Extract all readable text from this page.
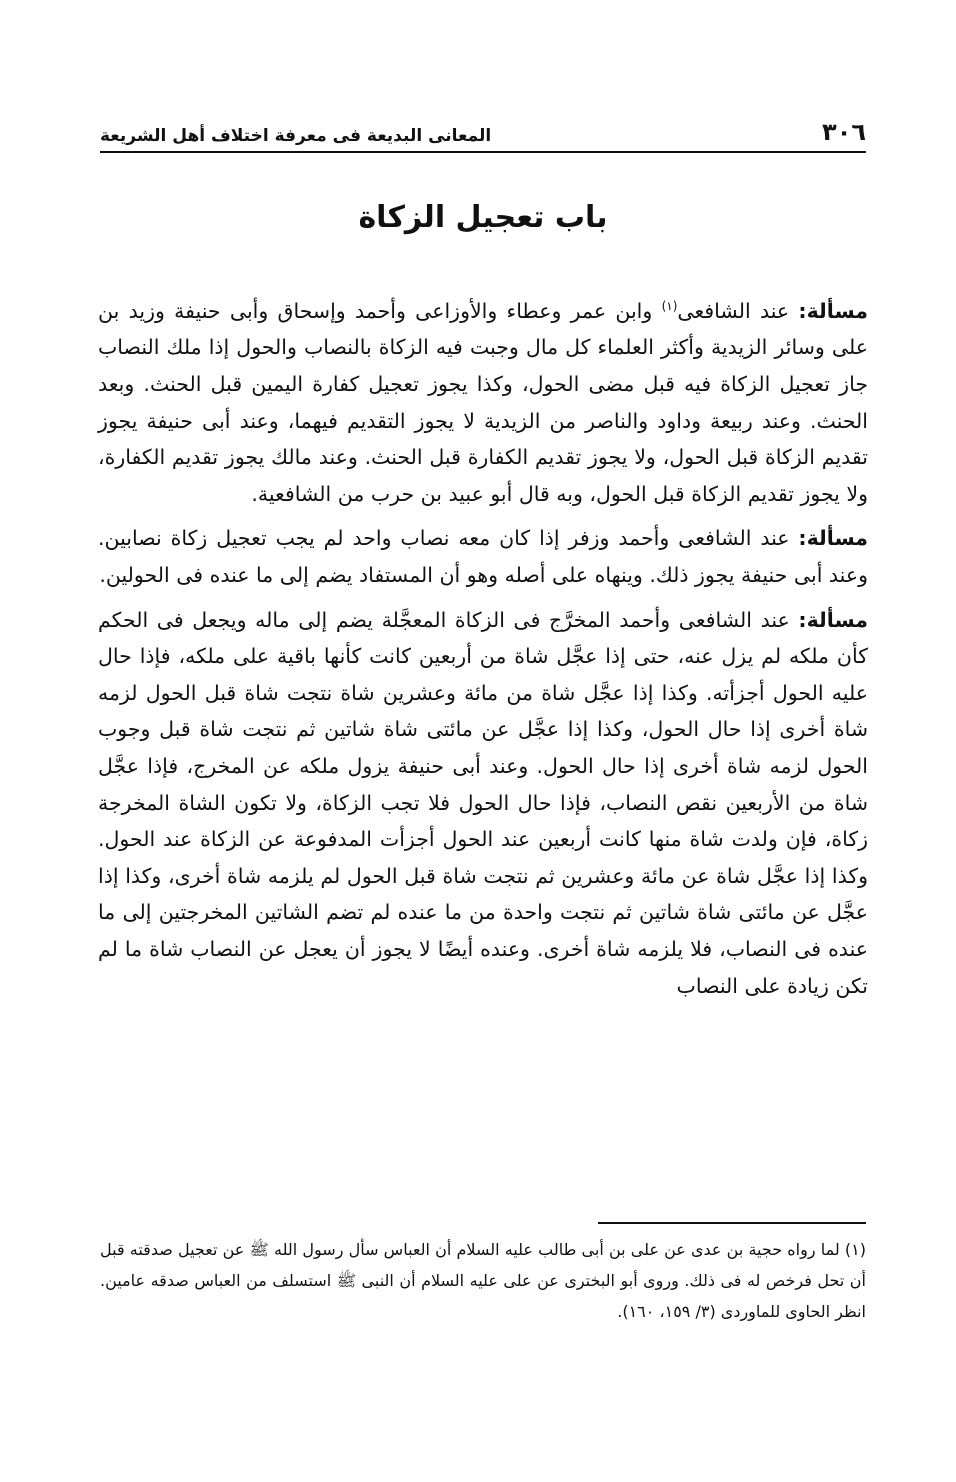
٣٠٦
المعانى البديعة فى معرفة اختلاف أهل الشريعة
باب تعجيل الزكاة

مسألة: عند الشافعى$^{(١)}$ وابن عمر وعطاء والأوزاعى وأحمد وإسحاق وأبى حنيفة وزيد بن على وسائر الزيدية وأكثر العلماء كل مال وجبت فيه الزكاة بالنصاب والحول إذا ملك النصاب جاز تعجيل الزكاة فيه قبل مضى الحول، وكذا يجوز تعجيل كفارة اليمين قبل الحنث. وبعد الحنث. وعند ربيعة وداود والناصر من الزيدية لا يجوز التقديم فيهما، وعند أبى حنيفة يجوز تقديم الزكاة قبل الحول، ولا يجوز تقديم الكفارة قبل الحنث. وعند مالك يجوز تقديم الكفارة، ولا يجوز تقديم الزكاة قبل الحول، وبه قال أبو عبيد بن حرب من الشافعية.

مسألة: عند الشافعى وأحمد وزفر إذا كان معه نصاب واحد لم يجب تعجيل زكاة نصابين. وعند أبى حنيفة يجوز ذلك. وينهاه على أصله وهو أن المستفاد يضم إلى ما عنده فى الحولين.

مسألة: عند الشافعى وأحمد المخرَّج فى الزكاة المعجَّلة يضم إلى ماله ويجعل فى الحكم كأن ملكه لم يزل عنه، حتى إذا عجَّل شاة من أربعين كانت كأنها باقية على ملكه، فإذا حال عليه الحول أجزأته. وكذا إذا عجَّل شاة من مائة وعشرين شاة نتجت شاة قبل الحول لزمه شاة أخرى إذا حال الحول، وكذا إذا عجَّل عن مائتى شاة شاتين ثم نتجت شاة قبل وجوب الحول لزمه شاة أخرى إذا حال الحول. وعند أبى حنيفة يزول ملكه عن المخرج، فإذا عجَّل شاة من الأربعين نقص النصاب، فإذا حال الحول فلا تجب الزكاة، ولا تكون الشاة المخرجة زكاة، فإن ولدت شاة منها كانت أربعين عند الحول أجزأت المدفوعة عن الزكاة عند الحول. وكذا إذا عجَّل شاة عن مائة وعشرين ثم نتجت شاة قبل الحول لم يلزمه شاة أخرى، وكذا إذا عجَّل عن مائتى شاة شاتين ثم نتجت واحدة من ما عنده لم تضم الشاتين المخرجتين إلى ما عنده فى النصاب، فلا يلزمه شاة أخرى. وعنده أيضًا لا يجوز أن يعجل عن النصاب شاة ما لم تكن زيادة على النصاب

(١) لما رواه حجية بن عدى عن على بن أبى طالب عليه السلام أن العباس سأل رسول الله ﷺ عن تعجيل صدقته قبل أن تحل فرخص له فى ذلك. وروى أبو البخترى عن على عليه السلام أن النبى ﷺ استسلف من العباس صدقه عامين. انظر الحاوى للماوردى (٣/ ١٥٩، ١٦٠).
